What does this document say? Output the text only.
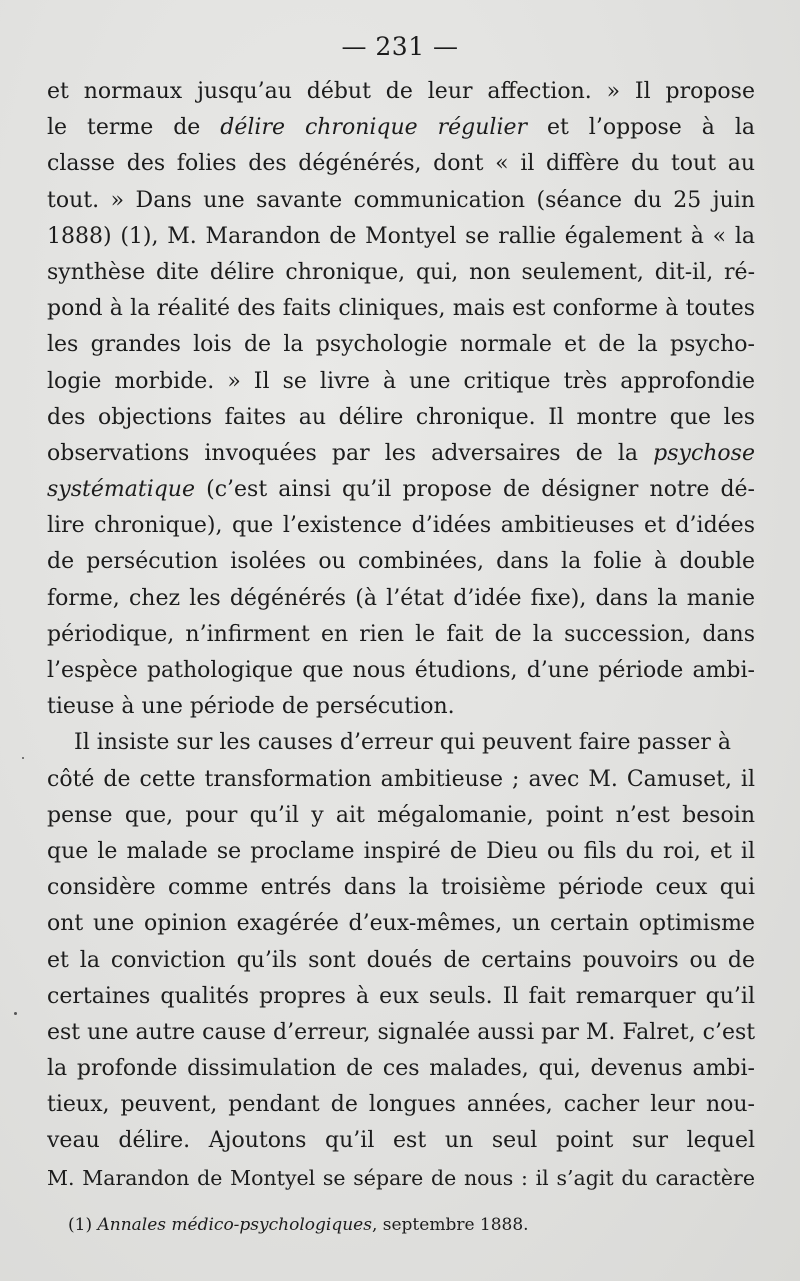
— 231 —
et normaux jusqu’au début de leur affection. » Il propose
le terme de délire chronique régulier et l’oppose à la
classe des folies des dégénérés, dont « il diffère du tout au
tout. » Dans une savante communication (séance du 25 juin
1888) (1), M. Marandon de Montyel se rallie également à « la
synthèse dite délire chronique, qui, non seulement, dit-il, ré-
pond à la réalité des faits cliniques, mais est conforme à toutes
les grandes lois de la psychologie normale et de la psycho-
logie morbide. » Il se livre à une critique très approfondie
des objections faites au délire chronique. Il montre que les
observations invoquées par les adversaires de la psychose
systématique (c’est ainsi qu’il propose de désigner notre dé-
lire chronique), que l’existence d’idées ambitieuses et d’idées
de persécution isolées ou combinées, dans la folie à double
forme, chez les dégénérés (à l’état d’idée fixe), dans la manie
périodique, n’infirment en rien le fait de la succession, dans
l’espèce pathologique que nous étudions, d’une période ambi-
tieuse à une période de persécution.
Il insiste sur les causes d’erreur qui peuvent faire passer à
côté de cette transformation ambitieuse ; avec M. Camuset, il
pense que, pour qu’il y ait mégalomanie, point n’est besoin
que le malade se proclame inspiré de Dieu ou fils du roi, et il
considère comme entrés dans la troisième période ceux qui
ont une opinion exagérée d’eux-mêmes, un certain optimisme
et la conviction qu’ils sont doués de certains pouvoirs ou de
certaines qualités propres à eux seuls. Il fait remarquer qu’il
est une autre cause d’erreur, signalée aussi par M. Falret, c’est
la profonde dissimulation de ces malades, qui, devenus ambi-
tieux, peuvent, pendant de longues années, cacher leur nou-
veau délire. Ajoutons qu’il est un seul point sur lequel
M. Marandon de Montyel se sépare de nous : il s’agit du caractère
(1) Annales médico-psychologiques, septembre 1888.
